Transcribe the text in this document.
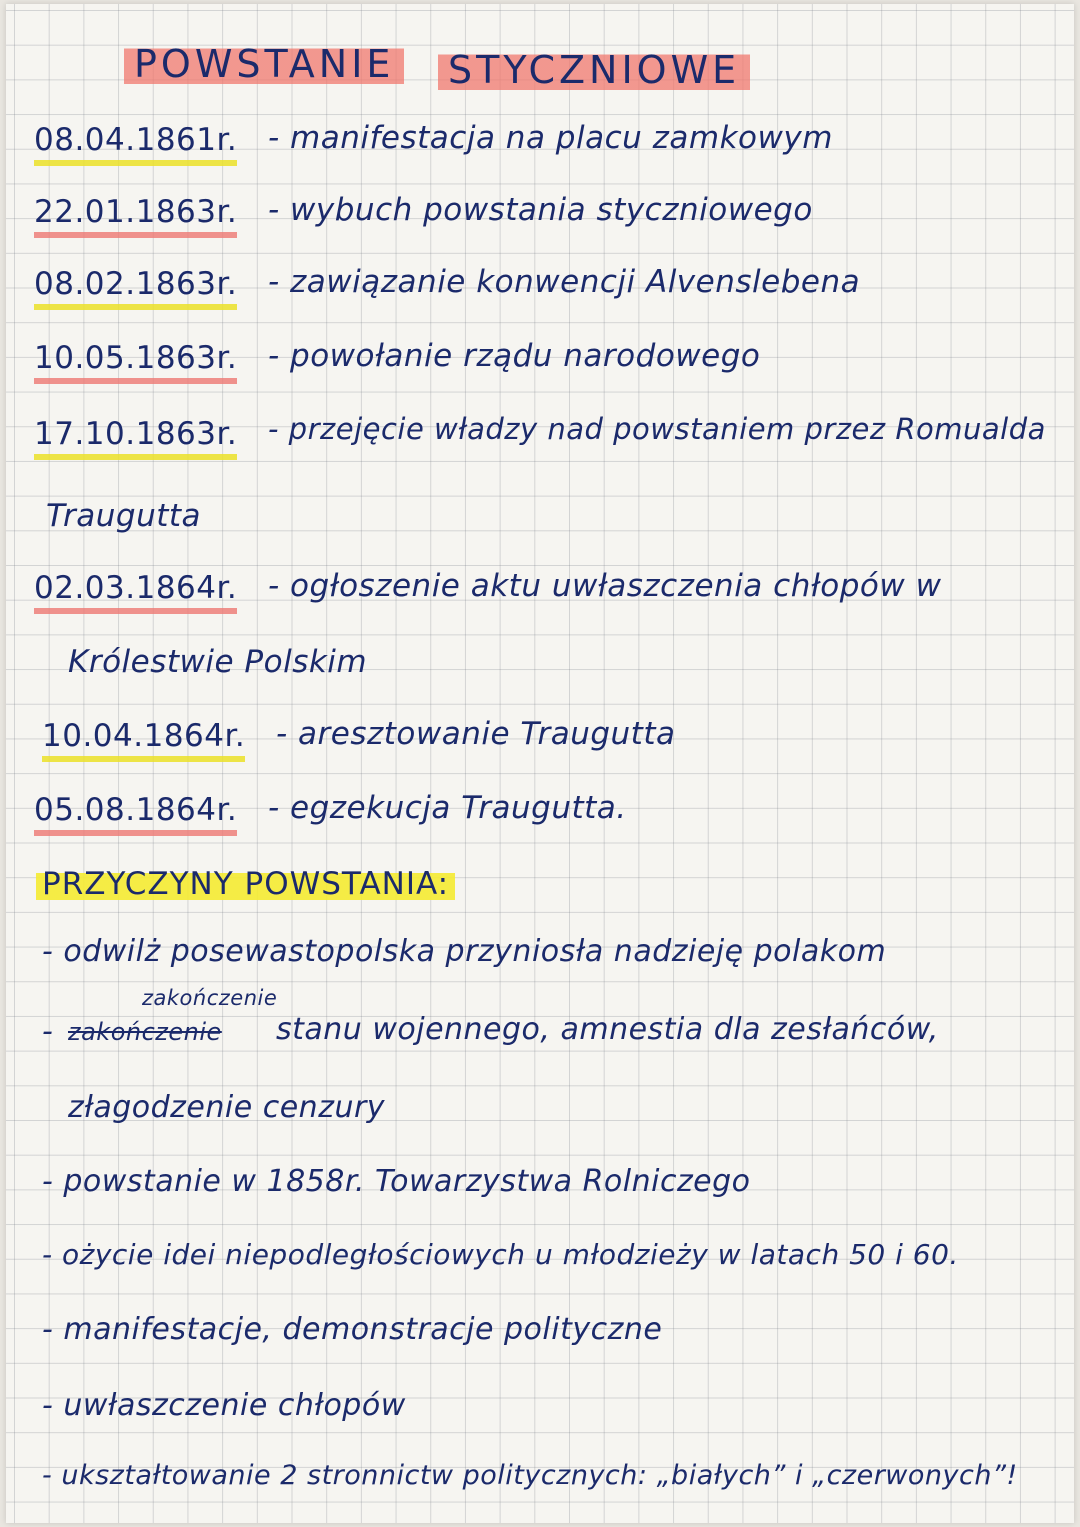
POWSTANIE STYCZNIOWE
08.04.1861r. - manifestacja na placu zamkowym
22.01.1863r. - wybuch powstania styczniowego
08.02.1863r. - zawiązanie konwencji Alvenslebena
10.05.1863r. - powołanie rządu narodowego
17.10.1863r. - przejęcie władzy nad powstaniem przez Romualda
Traugutta
02.03.1864r. - ogłoszenie aktu uwłaszczenia chłopów w
Królestwie Polskim
10.04.1864r. - aresztowanie Traugutta
05.08.1864r. - egzekucja Traugutta.
PRZYCZYNY POWSTANIA:
- odwilż posewastopolska przyniosła nadzieję polakom
zakończenie
- zakończenie stanu wojennego, amnestia dla zesłańców,
złagodzenie cenzury
- powstanie w 1858r. Towarzystwa Rolniczego
- ożycie idei niepodległościowych u młodzieży w latach 50 i 60.
- manifestacje, demonstracje polityczne
- uwłaszczenie chłopów
- ukształtowanie 2 stronnictw politycznych: „białych” i „czerwonych”!
